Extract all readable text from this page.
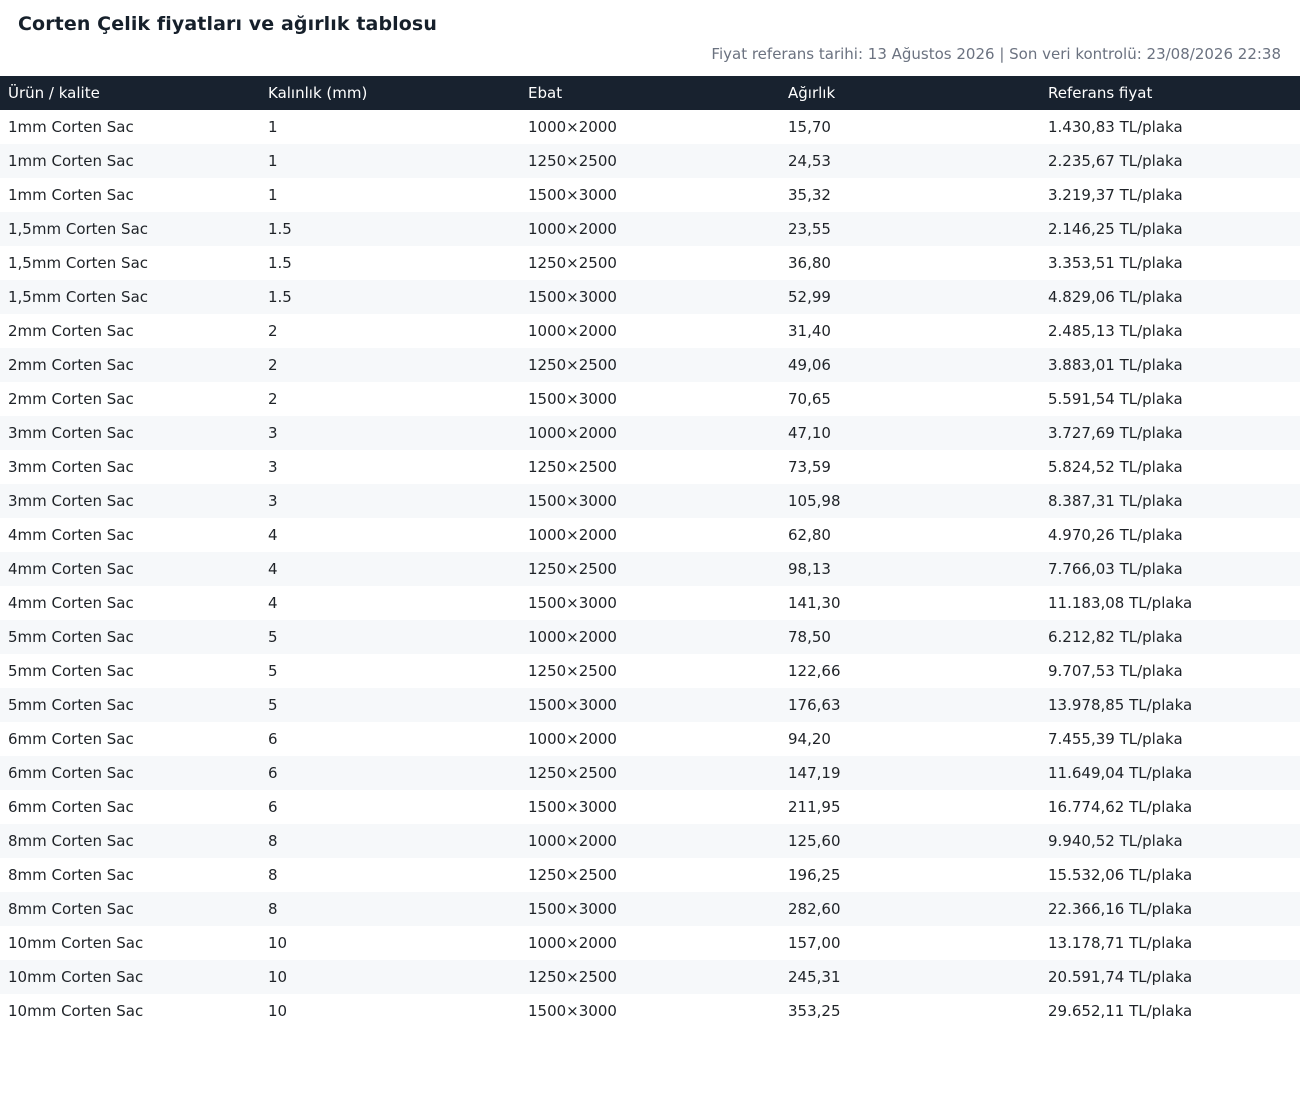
Corten Çelik fiyatları ve ağırlık tablosu
Fiyat referans tarihi: 13 Ağustos 2026 | Son veri kontrolü: 23/08/2026 22:38
Ürün / kalite	Kalınlık (mm)	Ebat	Ağırlık	Referans fiyat
1mm Corten Sac	1	1000×2000	15,70	1.430,83 TL/plaka
1mm Corten Sac	1	1250×2500	24,53	2.235,67 TL/plaka
1mm Corten Sac	1	1500×3000	35,32	3.219,37 TL/plaka
1,5mm Corten Sac	1.5	1000×2000	23,55	2.146,25 TL/plaka
1,5mm Corten Sac	1.5	1250×2500	36,80	3.353,51 TL/plaka
1,5mm Corten Sac	1.5	1500×3000	52,99	4.829,06 TL/plaka
2mm Corten Sac	2	1000×2000	31,40	2.485,13 TL/plaka
2mm Corten Sac	2	1250×2500	49,06	3.883,01 TL/plaka
2mm Corten Sac	2	1500×3000	70,65	5.591,54 TL/plaka
3mm Corten Sac	3	1000×2000	47,10	3.727,69 TL/plaka
3mm Corten Sac	3	1250×2500	73,59	5.824,52 TL/plaka
3mm Corten Sac	3	1500×3000	105,98	8.387,31 TL/plaka
4mm Corten Sac	4	1000×2000	62,80	4.970,26 TL/plaka
4mm Corten Sac	4	1250×2500	98,13	7.766,03 TL/plaka
4mm Corten Sac	4	1500×3000	141,30	11.183,08 TL/plaka
5mm Corten Sac	5	1000×2000	78,50	6.212,82 TL/plaka
5mm Corten Sac	5	1250×2500	122,66	9.707,53 TL/plaka
5mm Corten Sac	5	1500×3000	176,63	13.978,85 TL/plaka
6mm Corten Sac	6	1000×2000	94,20	7.455,39 TL/plaka
6mm Corten Sac	6	1250×2500	147,19	11.649,04 TL/plaka
6mm Corten Sac	6	1500×3000	211,95	16.774,62 TL/plaka
8mm Corten Sac	8	1000×2000	125,60	9.940,52 TL/plaka
8mm Corten Sac	8	1250×2500	196,25	15.532,06 TL/plaka
8mm Corten Sac	8	1500×3000	282,60	22.366,16 TL/plaka
10mm Corten Sac	10	1000×2000	157,00	13.178,71 TL/plaka
10mm Corten Sac	10	1250×2500	245,31	20.591,74 TL/plaka
10mm Corten Sac	10	1500×3000	353,25	29.652,11 TL/plaka
